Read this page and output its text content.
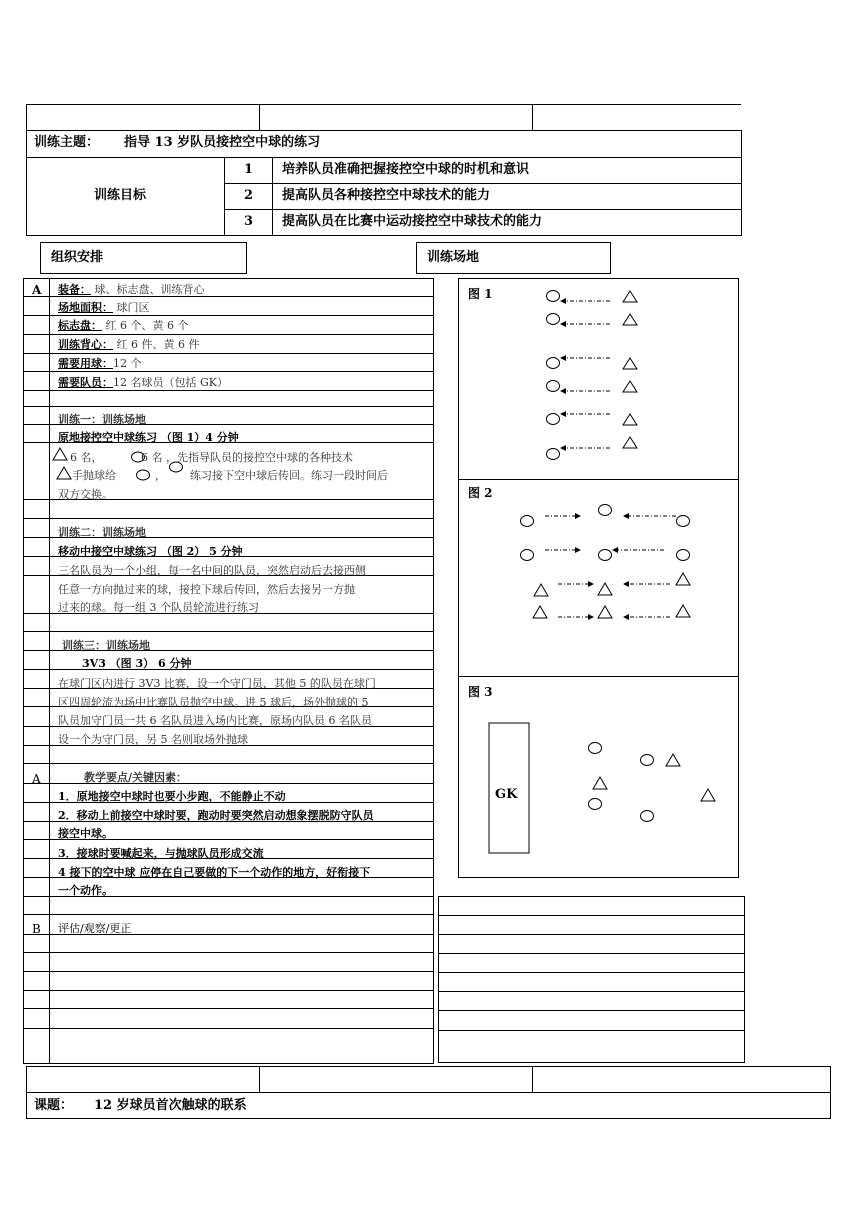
训练主题： 指导 13 岁队员接控空中球的练习
训练目标
1 培养队员准确把握接控空中球的时机和意识
2 提高队员各种接控空中球技术的能力
3 提高队员在比赛中运动接控空中球技术的能力
组织安排	训练场地
A 装备： 球、标志盘、训练背心
场地面积： 球门区
标志盘： 红 6 个、黄 6 个
训练背心： 红 6 件、黄 6 件
需要用球：12 个
需要队员：12 名球员（包括 GK）
训练一：训练场地
原地接控空中球练习 （图 1）4 分钟
6 名，	6 名 ，先指导队员的接控空中球的各种技术
手抛球给	， 练习接下空中球后传回。练习一段时间后
双方交换。
训练二：训练场地
移动中接空中球练习 （图 2） 5 分钟
三名队员为一个小组，每一名中间的队员，突然启动后去接西侧
任意一方向抛过来的球，接控下球后传回，然后去接另一方抛
过来的球。每一组 3 个队员轮流进行练习
训练三：训练场地
3V3 （图 3） 6 分钟
在球门区内进行 3V3 比赛，设一个守门员，其他 5 的队员在球门
区四周轮流为场中比赛队员抛空中球。进 5 球后，场外抛球的 5
队员加守门员一共 6 名队员进入场内比赛，原场内队员 6 名队员
设一个为守门员，另 5 名则取场外抛球
A	教学要点/关键因素：
1．原地接空中球时也要小步跑，不能静止不动
2．移动上前接空中球时要，跑动时要突然启动想象摆脱防守队员
接空中球。
3．接球时要喊起来，与抛球队员形成交流
4 接下的空中球 应停在自己要做的下一个动作的地方，好衔接下
一个动作。
B 评估/观察/更正
图 1
图 2
图 3
GK
课题： 12 岁球员首次触球的联系
